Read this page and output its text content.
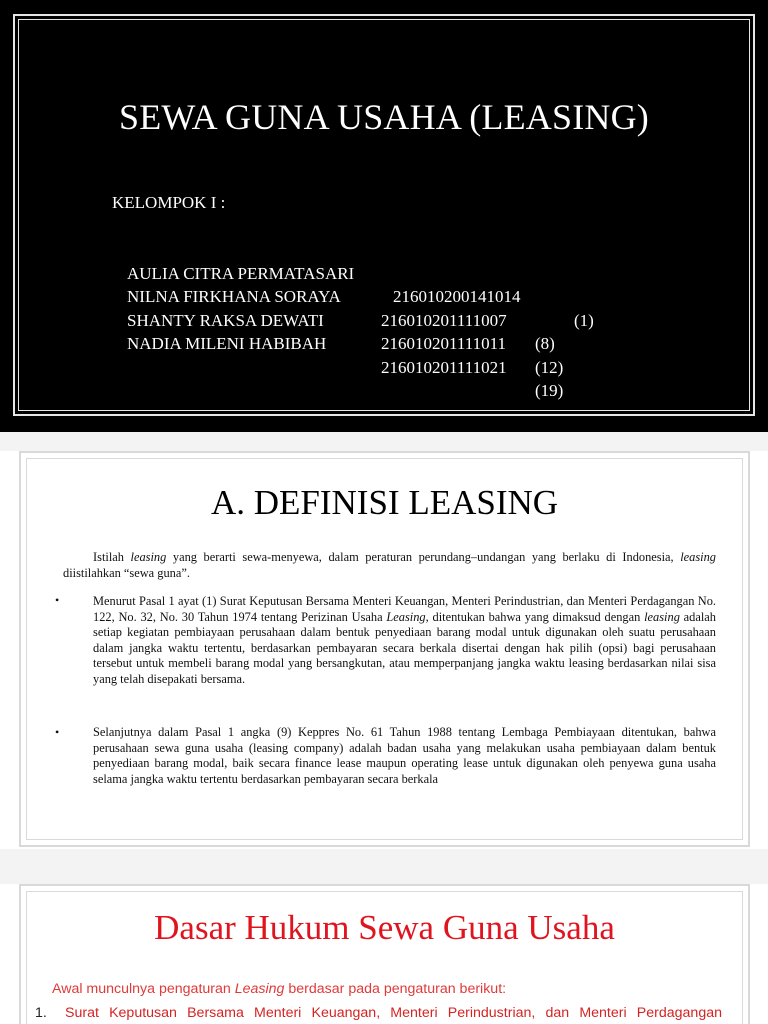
SEWA GUNA USAHA (LEASING)
KELOMPOK I :

AULIA CITRA PERMATASARI

216010200141014

(1)

NILNA FIRKHANA SORAYA

216010201111007

(8)

SHANTY RAKSA DEWATI

216010201111011

(12)

NADIA MILENI HABIBAH

216010201111021

(19)

A. DEFINISI LEASING
Istilah leasing yang berarti sewa-menyewa, dalam peraturan perundang–undangan yang berlaku di Indonesia, leasing diistilahkan “sewa guna”.
•	Menurut Pasal 1 ayat (1) Surat Keputusan Bersama Menteri Keuangan, Menteri Perindustrian, dan Menteri Perdagangan No. 122, No. 32, No. 30 Tahun 1974 tentang Perizinan Usaha Leasing, ditentukan bahwa yang dimaksud dengan leasing adalah setiap kegiatan pembiayaan perusahaan dalam bentuk penyediaan barang modal untuk digunakan oleh suatu perusahaan dalam jangka waktu tertentu, berdasarkan pembayaran secara berkala disertai dengan hak pilih (opsi) bagi perusahaan tersebut untuk membeli barang modal yang bersangkutan, atau memperpanjang jangka waktu leasing berdasarkan nilai sisa yang telah disepakati bersama.
•	Selanjutnya dalam Pasal 1 angka (9) Keppres No. 61 Tahun 1988 tentang Lembaga Pembiayaan ditentukan, bahwa perusahaan sewa guna usaha (leasing company) adalah badan usaha yang melakukan usaha pembiayaan dalam bentuk penyediaan barang modal, baik secara finance lease maupun operating lease untuk digunakan oleh penyewa guna usaha selama jangka waktu tertentu berdasarkan pembayaran secara berkala
Dasar Hukum Sewa Guna Usaha
Awal munculnya pengaturan Leasing berdasar pada pengaturan berikut:
1. Surat Keputusan Bersama Menteri Keuangan, Menteri Perindustrian, dan Menteri Perdagangan
